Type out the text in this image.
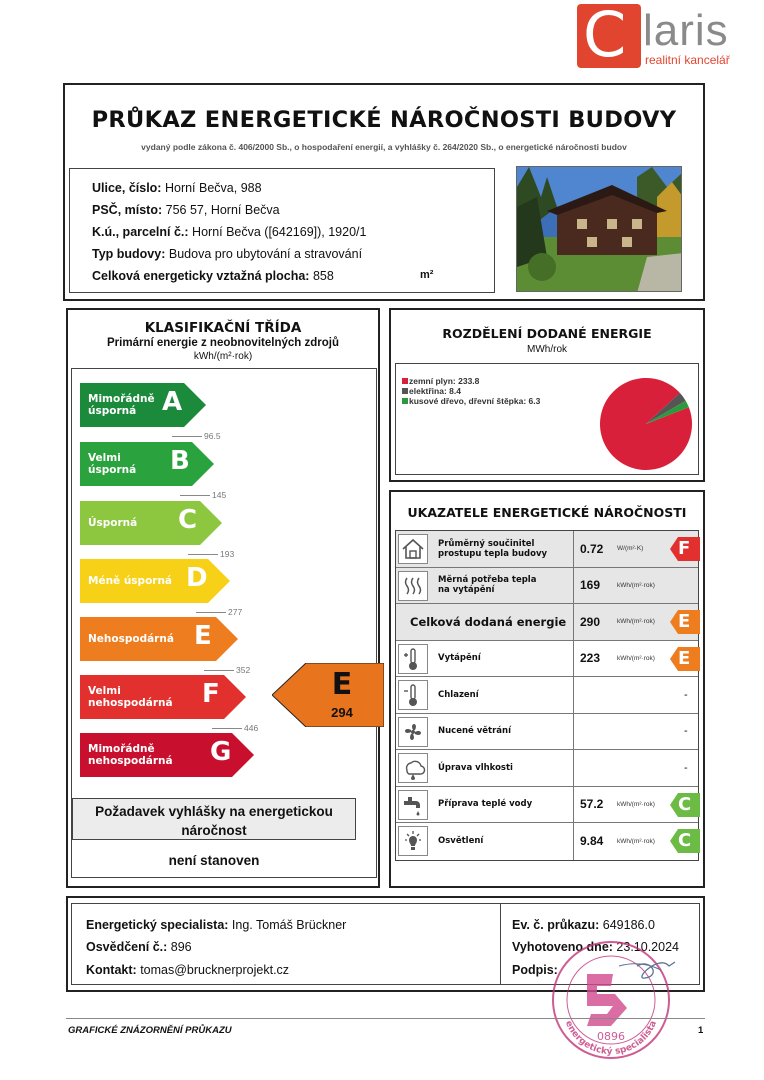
C laris
realitní kancelář
PRŮKAZ ENERGETICKÉ NÁROČNOSTI BUDOVY
vydaný podle zákona č. 406/2000 Sb., o hospodaření energií, a vyhlášky č. 264/2020 Sb., o energetické náročnosti budov
Ulice, číslo: Horní Bečva, 988
PSČ, místo: 756 57, Horní Bečva
K.ú., parcelní č.: Horní Bečva ([642169]), 1920/1
Typ budovy: Budova pro ubytování a stravování
Celková energeticky vztažná plocha: 858	m²
KLASIFIKAČNÍ TŘÍDA
Primární energie z neobnovitelných zdrojů
kWh/(m²·rok)
Mimořádně
úsporná A
96.5
Velmi
úsporná B
145
Úsporná C
193
Méně úsporná D
277
Nehospodárná E
352
Velmi
nehospodárná F
446
Mimořádně
nehospodárná G
E
294
Požadavek vyhlášky na energetickou náročnost
není stanoven
ROZDĚLENÍ DODANÉ ENERGIE
MWh/rok
zemní plyn: 233.8
elektřina: 8.4
kusové dřevo, dřevní štěpka: 6.3
UKAZATELE ENERGETICKÉ NÁROČNOSTI
Průměrný součinitel
prostupu tepla budovy	0.72 W/(m²·K) F
Měrná potřeba tepla
na vytápění	169	kWh/(m²·rok)
Celková dodaná energie 290	kWh/(m²·rok) E
Vytápění	223	kWh/(m²·rok) E
Chlazení	-
Nucené větrání	-
Úprava vlhkosti	-
Příprava teplé vody	57.2 kWh/(m²·rok) C
Osvětlení	9.84 kWh/(m²·rok) C
Energetický specialista: Ing. Tomáš Brückner
Osvědčení č.: 896
Kontakt: tomas@brucknerprojekt.cz
Ev. č. průkazu: 649186.0
Vyhotoveno dne: 23.10.2024
Podpis:
0896
energetický specialista
GRAFICKÉ ZNÁZORNĚNÍ PRŮKAZU	1
